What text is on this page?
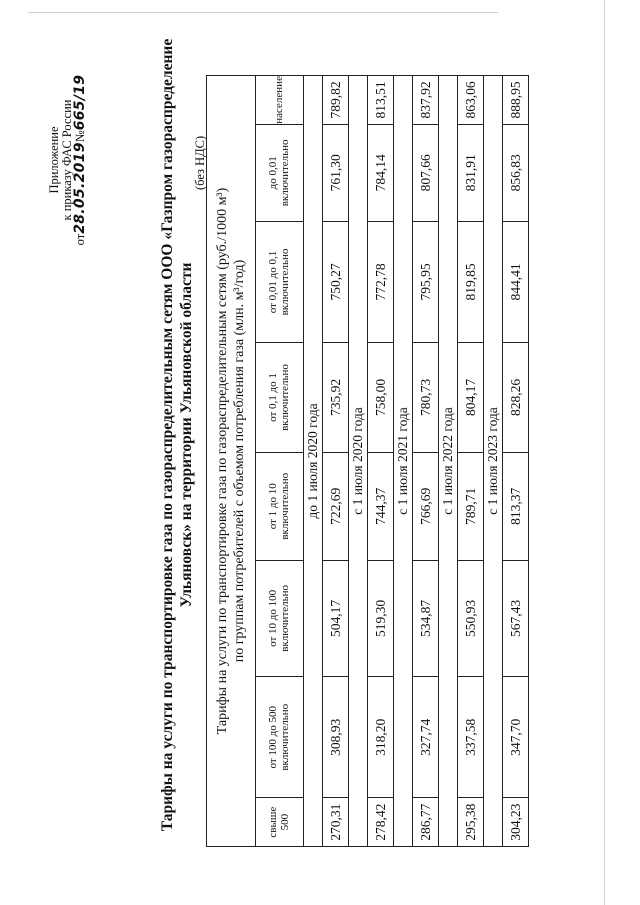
Приложение к приказу ФАС России
от28.05.2019№665/19	Тарифы на услуги по транспортировке газа по газораспределительным сетям ООО «Газпром газораспределение Ульяновск» на территории Ульяновской области
(без НДС)
Тарифы на услуги по транспортировке газа по газораспределительным сетям (руб./1000 м³) по группам потребителей с объемом потребления газа (млн. м³/год)							

свыше 500	от 100 до 500 включительно	от 10 до 100 включительно	от 1 до 10 включительно	от 0,1 до 1 включительно	от 0,01 до 0,1 включительно	до 0,01 включительно	население
до 1 июля 2020 года							
270,31	308,93	504,17	722,69	735,92	750,27	761,30	789,82
с 1 июля 2020 года							
278,42	318,20	519,30	744,37	758,00	772,78	784,14	813,51
с 1 июля 2021 года							
286,77	327,74	534,87	766,69	780,73	795,95	807,66	837,92
с 1 июля 2022 года							
295,38	337,58	550,93	789,71	804,17	819,85	831,91	863,06
с 1 июля 2023 года							
304,23	347,70	567,43	813,37	828,26	844,41	856,83	888,95
